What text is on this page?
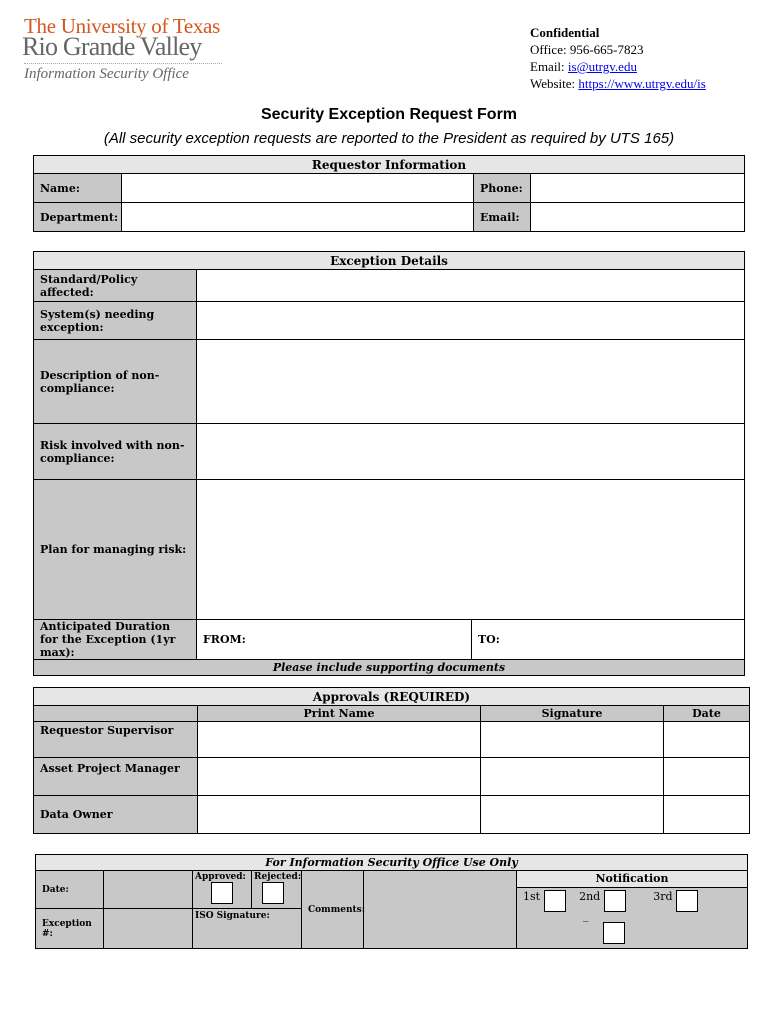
The University of Texas
Rio Grande Valley
Information Security Office
Confidential
Office: 956-665-7823
Email: is@utrgv.edu
Website: https://www.utrgv.edu/is
Security Exception Request Form
(All security exception requests are reported to the President as required by UTS 165)
Requestor Information			
Name:		Phone:	
Department:		Email:	
Exception Details		
Standard/Policy affected:		
System(s) needing exception:		
Description of non-compliance:		
Risk involved with non-compliance:		
Plan for managing risk:		
Anticipated Duration for the Exception (1yr max):	FROM:	TO:
Please include supporting documents		
Approvals (REQUIRED)			
	Print Name	Signature	Date
Requestor Supervisor			
Asset Project Manager			
Data Owner			
For Information Security Office Use Only						
Date:		Approved:	Rejected:	Comments:		Notification
1st 2nd 3rd
_

Exception #:		ISO Signature:				
